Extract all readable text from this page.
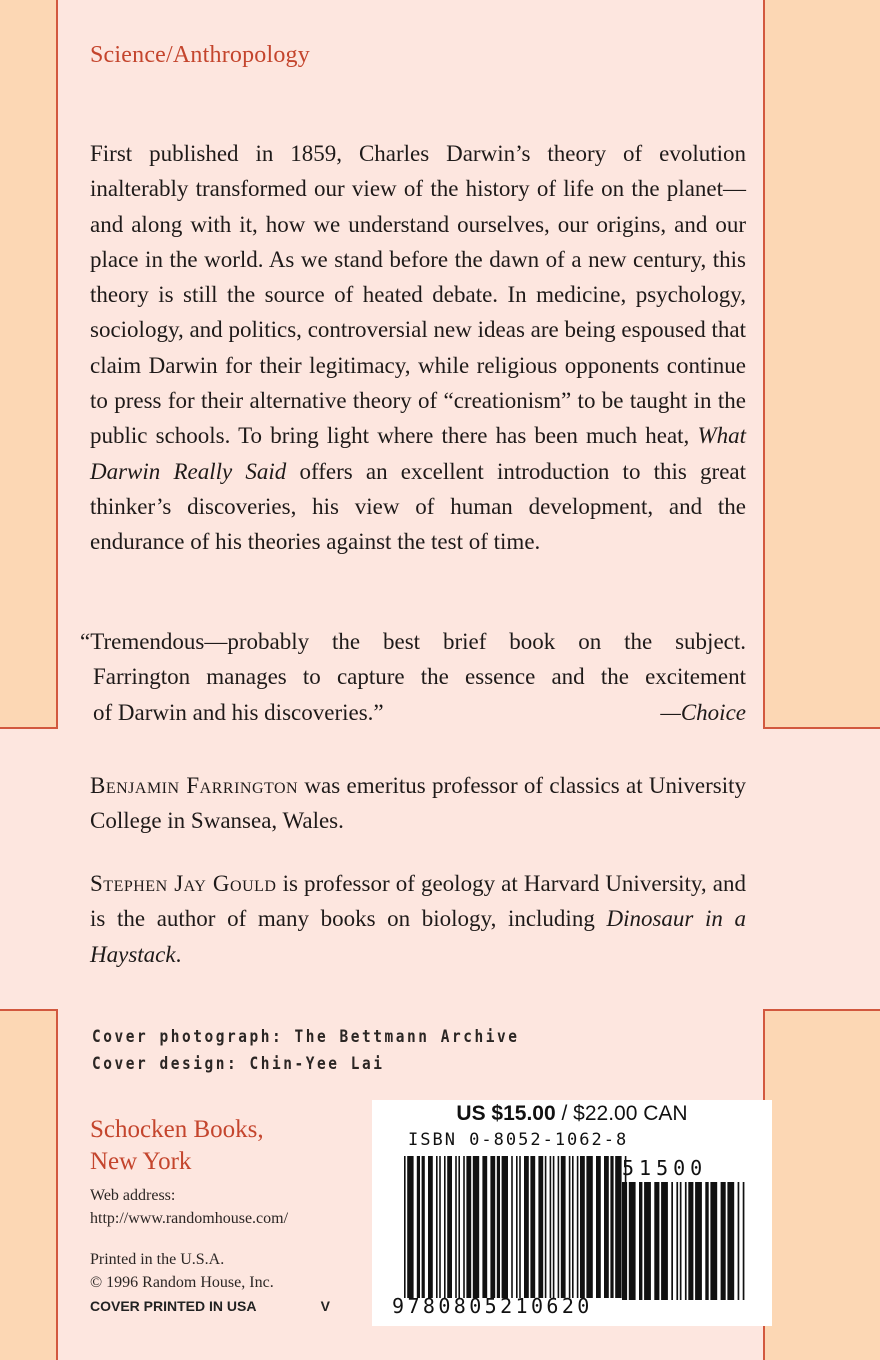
Science/Anthropology

First published in 1859, Charles Darwin’s theory of evolution inalterably transformed our view of the history of life on the planet—and along with it, how we understand ourselves, our origins, and our place in the world. As we stand before the dawn of a new century, this theory is still the source of heated debate. In medicine, psychology, sociology, and politics, controversial new ideas are being espoused that claim Darwin for their legitimacy, while religious opponents continue to press for their alternative theory of “creationism” to be taught in the public schools. To bring light where there has been much heat, What Darwin Really Said offers an excellent introduction to this great thinker’s discoveries, his view of human development, and the endurance of his theories against the test of time.

“Tremendous—probably the best brief book on the subject.
Farrington manages to capture the essence and the excitement
of Darwin and his discoveries.”	—Choice

Benjamin Farrington was emeritus professor of classics at University College in Swansea, Wales.

Stephen Jay Gould is professor of geology at Harvard University, and is the author of many books on biology, including Dinosaur in a Haystack.

Cover photograph: The Bettmann Archive
Cover design: Chin-Yee Lai
Schocken Books,
New York
Web address:
http://www.randomhouse.com/
Printed in the U.S.A.
© 1996 Random House, Inc.
COVER PRINTED IN USA	V
US $15.00 / $22.00 CAN
ISBN 0-8052-1062-8
51500
9780805210620
